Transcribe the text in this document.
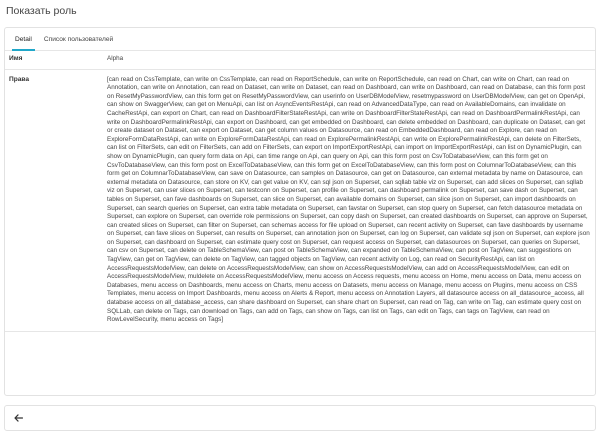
Показать роль
Detail	Список пользователей
Имя	Alpha
Права	[can read on CssTemplate, can write on CssTemplate, can read on ReportSchedule, can write on ReportSchedule, can read on Chart, can write on Chart, can read on Annotation, can write on Annotation, can read on Dataset, can write on Dataset, can read on Dashboard, can write on Dashboard, can read on Database, can this form post on ResetMyPasswordView, can this form get on ResetMyPasswordView, can userinfo on UserDBModelView, resetmypassword on UserDBModelView, can get on OpenApi, can show on SwaggerView, can get on MenuApi, can list on AsyncEventsRestApi, can read on AdvancedDataType, can read on AvailableDomains, can invalidate on CacheRestApi, can export on Chart, can read on DashboardFilterStateRestApi, can write on DashboardFilterStateRestApi, can read on DashboardPermalinkRestApi, can write on DashboardPermalinkRestApi, can export on Dashboard, can get embedded on Dashboard, can delete embedded on Dashboard, can duplicate on Dataset, can get or create dataset on Dataset, can export on Dataset, can get column values on Datasource, can read on EmbeddedDashboard, can read on Explore, can read on ExploreFormDataRestApi, can write on ExploreFormDataRestApi, can read on ExplorePermalinkRestApi, can write on ExplorePermalinkRestApi, can delete on FilterSets, can list on FilterSets, can edit on FilterSets, can add on FilterSets, can export on ImportExportRestApi, can import on ImportExportRestApi, can list on DynamicPlugin, can show on DynamicPlugin, can query form data on Api, can time range on Api, can query on Api, can this form post on CsvToDatabaseView, can this form get on CsvToDatabaseView, can this form post on ExcelToDatabaseView, can this form get on ExcelToDatabaseView, can this form post on ColumnarToDatabaseView, can this form get on ColumnarToDatabaseView, can save on Datasource, can samples on Datasource, can get on Datasource, can external metadata by name on Datasource, can external metadata on Datasource, can store on KV, can get value on KV, can sql json on Superset, can sqllab table viz on Superset, can add slices on Superset, can sqllab viz on Superset, can user slices on Superset, can testconn on Superset, can profile on Superset, can dashboard permalink on Superset, can save dash on Superset, can tables on Superset, can fave dashboards on Superset, can slice on Superset, can available domains on Superset, can slice json on Superset, can import dashboards on Superset, can search queries on Superset, can extra table metadata on Superset, can favstar on Superset, can stop query on Superset, can fetch datasource metadata on Superset, can explore on Superset, can override role permissions on Superset, can copy dash on Superset, can created dashboards on Superset, can approve on Superset, can created slices on Superset, can filter on Superset, can schemas access for file upload on Superset, can recent activity on Superset, can fave dashboards by username on Superset, can fave slices on Superset, can results on Superset, can annotation json on Superset, can log on Superset, can validate sql json on Superset, can explore json on Superset, can dashboard on Superset, can estimate query cost on Superset, can request access on Superset, can datasources on Superset, can queries on Superset, can csv on Superset, can delete on TableSchemaView, can post on TableSchemaView, can expanded on TableSchemaView, can post on TagView, can suggestions on TagView, can get on TagView, can delete on TagView, can tagged objects on TagView, can recent activity on Log, can read on SecurityRestApi, can list on AccessRequestsModelView, can delete on AccessRequestsModelView, can show on AccessRequestsModelView, can add on AccessRequestsModelView, can edit on AccessRequestsModelView, muldelete on AccessRequestsModelView, menu access on Access requests, menu access on Home, menu access on Data, menu access on Databases, menu access on Dashboards, menu access on Charts, menu access on Datasets, menu access on Manage, menu access on Plugins, menu access on CSS Templates, menu access on Import Dashboards, menu access on Alerts & Report, menu access on Annotation Layers, all datasource access on all_datasource_access, all database access on all_database_access, can share dashboard on Superset, can share chart on Superset, can read on Tag, can write on Tag, can estimate query cost on SQLLab, can delete on Tags, can download on Tags, can add on Tags, can show on Tags, can list on Tags, can edit on Tags, can tags on TagView, can read on RowLevelSecurity, menu access on Tags]
